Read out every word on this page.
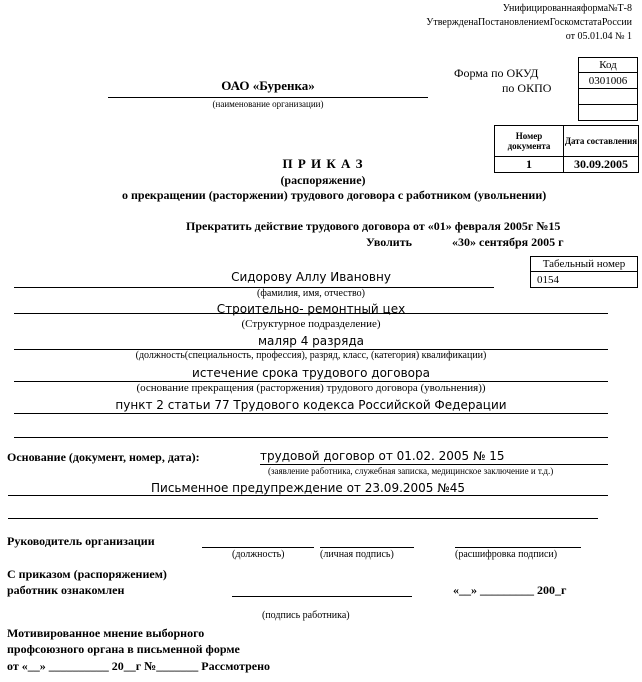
Унифицированнаяформа№Т-8
УтвержденаПостановлениемГоскомстатаРоссии
от 05.01.04 № 1
ОАО «Буренка»
(наименование организации)
Форма по ОКУД
по ОКПО
Код
0301006

Номер документа	Дата составления
1	30.09.2005
П Р И К А З
(распоряжение)
о прекращении (расторжении) трудового договора с работником (увольнении)
Прекратить действие трудового договора от «01» февраля 2005г №15
Уволить	«30» сентября 2005 г
Табельный номер
0154
Сидорову Аллу Ивановну
(фамилия, имя, отчество)
Строительно- ремонтный цех
(Структурное подразделение)
маляр 4 разряда
(должность(специальность, профессия), разряд, класс, (категория) квалификации)
истечение срока трудового договора
(основание прекращения (расторжения) трудового договора (увольнения))
пункт 2 статьи 77 Трудового кодекса Российской Федерации
Основание (документ, номер, дата):	трудовой договор от 01.02. 2005 № 15
(заявление работника, служебная записка, медицинское заключение и т.д.)
Письменное предупреждение от 23.09.2005 №45
Руководитель организации
(должность)	(личная подпись)	(расшифровка подписи)
С приказом (распоряжением)
работник ознакомлен	«__» _________ 200_г
(подпись работника)
Мотивированное мнение выборного
профсоюзного органа в письменной форме
от «__» __________ 20__г №_______ Рассмотрено
